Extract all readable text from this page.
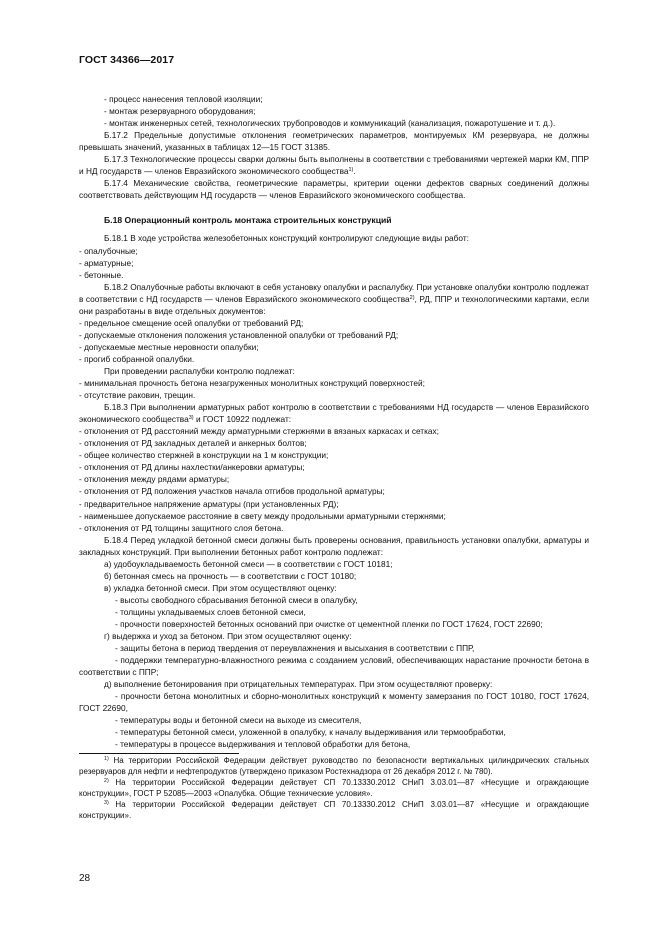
ГОСТ 34366—2017

- процесс нанесения тепловой изоляции;

- монтаж резервуарного оборудования;

- монтаж инженерных сетей, технологических трубопроводов и коммуникаций (канализация, пожаротушение и т. д.).

Б.17.2 Предельные допустимые отклонения геометрических параметров, монтируемых КМ резервуара, не должны превышать значений, указанных в таблицах 12—15 ГОСТ 31385.

Б.17.3 Технологические процессы сварки должны быть выполнены в соответствии с требованиями чертежей марки КМ, ППР и НД государств — членов Евразийского экономического сообщества$^{1)}$.

Б.17.4 Механические свойства, геометрические параметры, критерии оценки дефектов сварных соединений должны соответствовать действующим НД государств — членов Евразийского экономического сообщества.

Б.18 Операционный контроль монтажа строительных конструкций

Б.18.1 В ходе устройства железобетонных конструкций контролируют следующие виды работ:

- опалубочные;

- арматурные;

- бетонные.

Б.18.2 Опалубочные работы включают в себя установку опалубки и распалубку. При установке опалубки контролю подлежат в соответствии с НД государств — членов Евразийского экономического сообщества$^{2)}$, РД, ППР и технологическими картами, если они разработаны в виде отдельных документов:

- предельное смещение осей опалубки от требований РД;

- допускаемые отклонения положения установленной опалубки от требований РД;

- допускаемые местные неровности опалубки;

- прогиб собранной опалубки.

При проведении распалубки контролю подлежат:

- минимальная прочность бетона незагруженных монолитных конструкций поверхностей;

- отсутствие раковин, трещин.

Б.18.3 При выполнении арматурных работ контролю в соответствии с требованиями НД государств — членов Евразийского экономического сообщества$^{3)}$ и ГОСТ 10922 подлежат:

- отклонения от РД расстояний между арматурными стержнями в вязаных каркасах и сетках;

- отклонения от РД закладных деталей и анкерных болтов;

- общее количество стержней в конструкции на 1 м конструкции;

- отклонения от РД длины нахлестки/анкеровки арматуры;

- отклонения между рядами арматуры;

- отклонения от РД положения участков начала отгибов продольной арматуры;

- предварительное напряжение арматуры (при установленных РД);

- наименьшее допускаемое расстояние в свету между продольными арматурными стержнями;

- отклонения от РД толщины защитного слоя бетона.

Б.18.4 Перед укладкой бетонной смеси должны быть проверены основания, правильность установки опалубки, арматуры и закладных конструкций. При выполнении бетонных работ контролю подлежат:

а) удобоукладываемость бетонной смеси — в соответствии с ГОСТ 10181;

б) бетонная смесь на прочность — в соответствии с ГОСТ 10180;

в) укладка бетонной смеси. При этом осуществляют оценку:

- высоты свободного сбрасывания бетонной смеси в опалубку,

- толщины укладываемых слоев бетонной смеси,

- прочности поверхностей бетонных оснований при очистке от цементной пленки по ГОСТ 17624, ГОСТ 22690;

г) выдержка и уход за бетоном. При этом осуществляют оценку:

- защиты бетона в период твердения от переувлажнения и высыхания в соответствии с ППР,

- поддержки температурно-влажностного режима с созданием условий, обеспечивающих нарастание прочности бетона в соответствии с ППР;

д) выполнение бетонирования при отрицательных температурах. При этом осуществляют проверку:

- прочности бетона монолитных и сборно-монолитных конструкций к моменту замерзания по ГОСТ 10180, ГОСТ 17624, ГОСТ 22690,

- температуры воды и бетонной смеси на выходе из смесителя,

- температуры бетонной смеси, уложенной в опалубку, к началу выдерживания или термообработки,

- температуры в процессе выдерживания и тепловой обработки для бетона,

$^{1)}$ На территории Российской Федерации действует руководство по безопасности вертикальных цилиндрических стальных резервуаров для нефти и нефтепродуктов (утверждено приказом Ростехнадзора от 26 декабря 2012 г. № 780).

$^{2)}$ На территории Российской Федерации действует СП 70.13330.2012 СНиП 3.03.01—87 «Несущие и ограждающие конструкции», ГОСТ Р 52085—2003 «Опалубка. Общие технические условия».

$^{3)}$ На территории Российской Федерации действует СП 70.13330.2012 СНиП 3.03.01—87 «Несущие и ограждающие конструкции».

28
